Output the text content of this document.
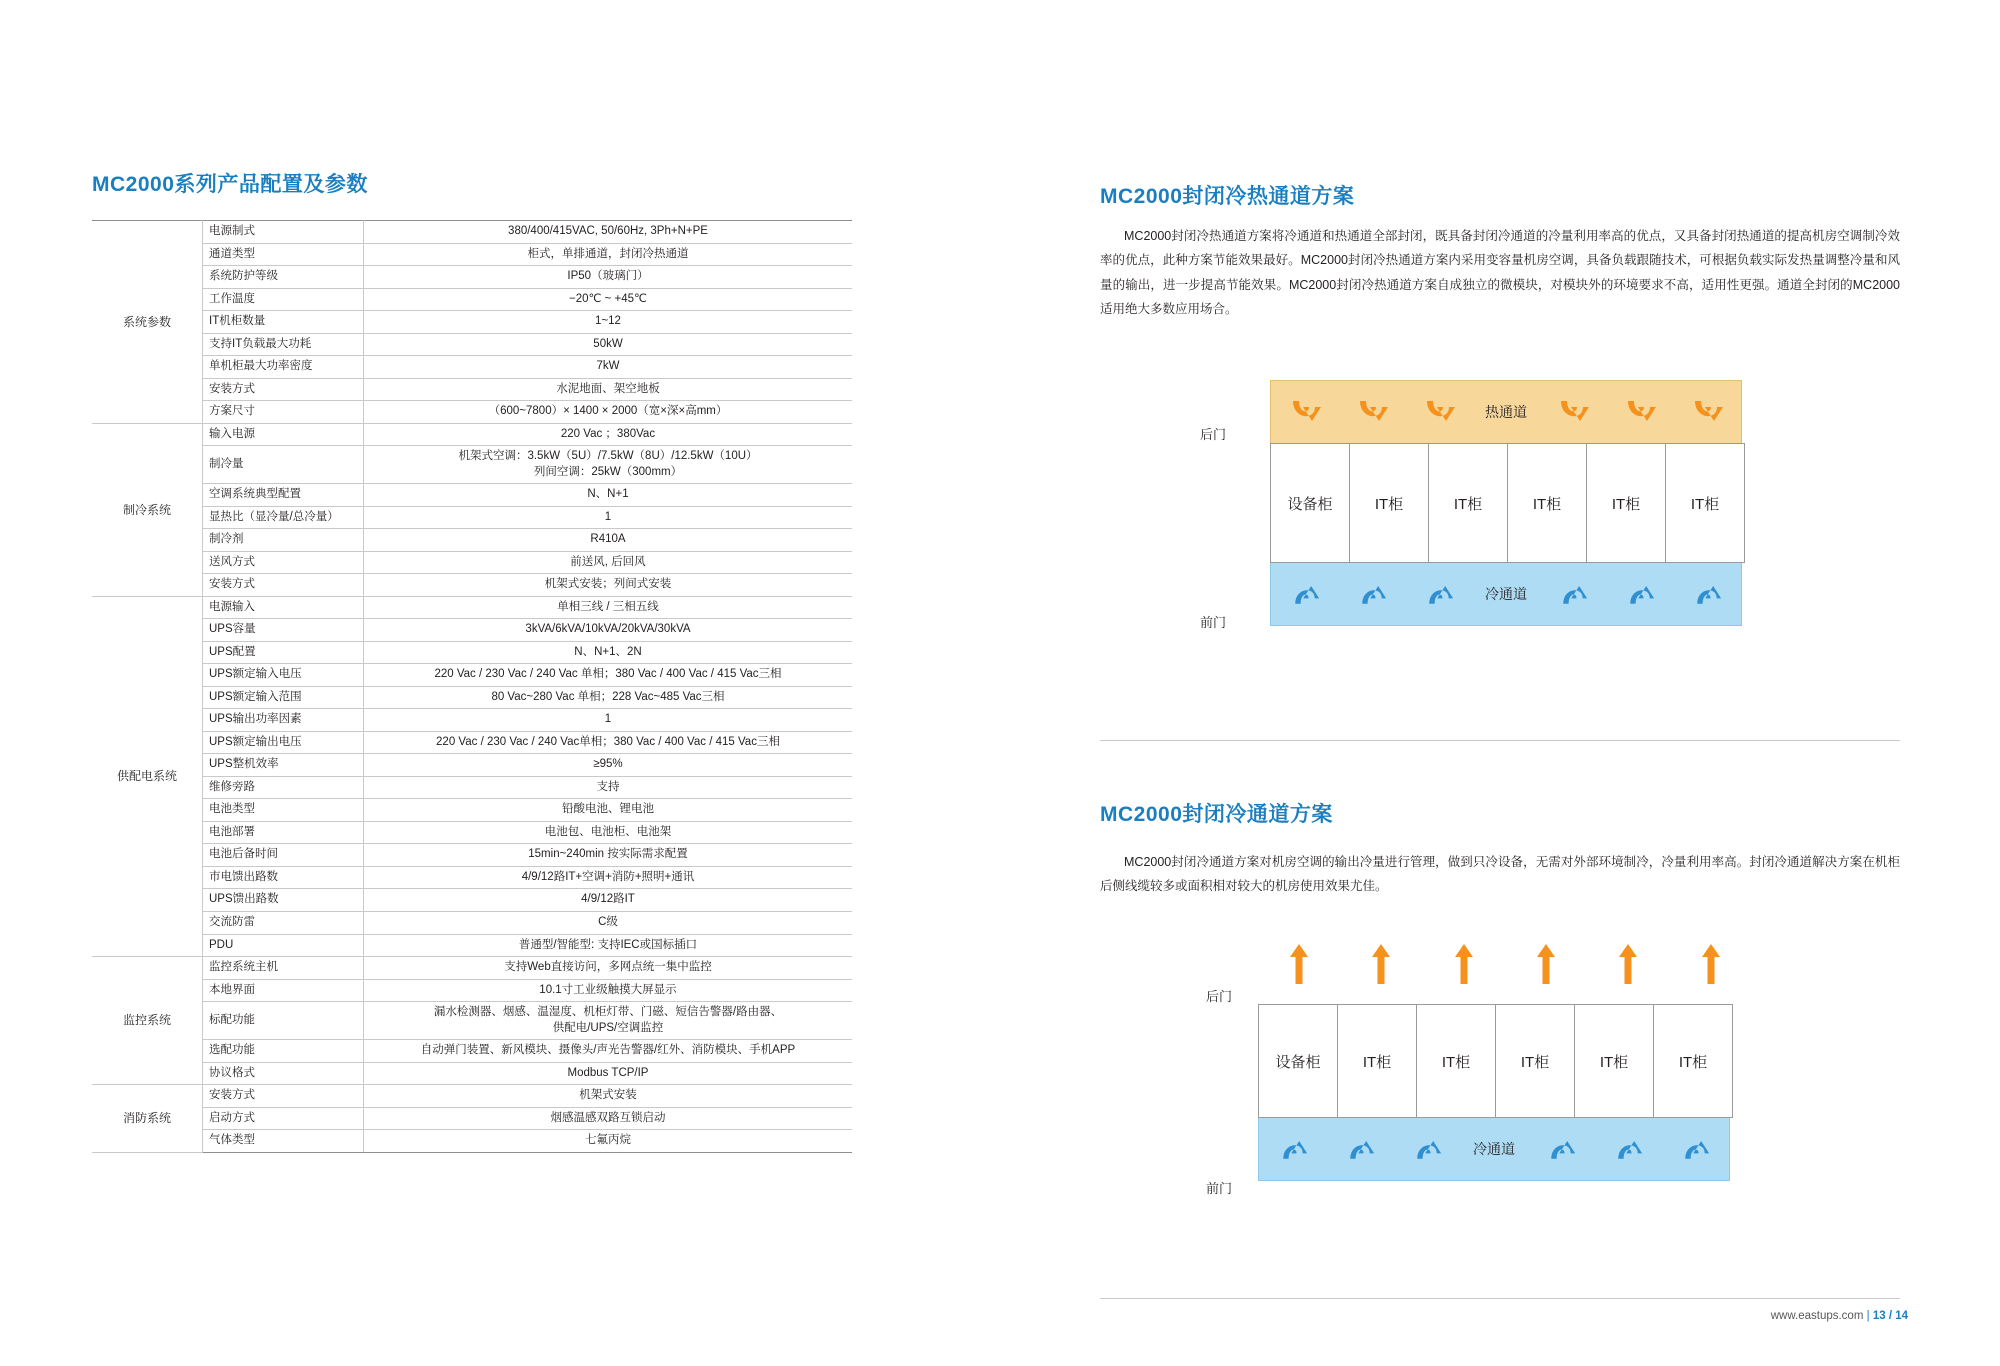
MC2000系列产品配置及参数
系统参数	电源制式	380/400/415VAC, 50/60Hz, 3Ph+N+PE
	通道类型	柜式，单排通道，封闭冷热通道
	系统防护等级	IP50（玻璃门）
	工作温度	−20℃ ~ +45℃
	IT机柜数量	1~12
	支持IT负载最大功耗	50kW
	单机柜最大功率密度	7kW
	安装方式	水泥地面、架空地板
	方案尺寸	（600~7800）× 1400 × 2000（宽×深×高mm）
制冷系统	输入电源	220 Vac ；380Vac
	制冷量	机架式空调：3.5kW（5U）/7.5kW（8U）/12.5kW（10U）
列间空调：25kW（300mm）

	空调系统典型配置	N、N+1
	显热比（显冷量/总冷量）	1
	制冷剂	R410A
	送风方式	前送风, 后回风
	安装方式	机架式安装；列间式安装
供配电系统	电源输入	单相三线 / 三相五线
	UPS容量	3kVA/6kVA/10kVA/20kVA/30kVA
	UPS配置	N、N+1、2N
	UPS额定输入电压	220 Vac / 230 Vac / 240 Vac 单相；380 Vac / 400 Vac / 415 Vac三相
	UPS额定输入范围	80 Vac~280 Vac 单相；228 Vac~485 Vac三相
	UPS输出功率因素	1
	UPS额定输出电压	220 Vac / 230 Vac / 240 Vac单相；380 Vac / 400 Vac / 415 Vac三相
	UPS整机效率	≥95%
	维修旁路	支持
	电池类型	铅酸电池、锂电池
	电池部署	电池包、电池柜、电池架
	电池后备时间	15min~240min 按实际需求配置
	市电馈出路数	4/9/12路IT+空调+消防+照明+通讯
	UPS馈出路数	4/9/12路IT
	交流防雷	C级
	PDU	普通型/智能型: 支持IEC或国标插口
监控系统	监控系统主机	支持Web直接访问，多网点统一集中监控
	本地界面	10.1寸工业级触摸大屏显示
	标配功能	漏水检测器、烟感、温湿度、机柜灯带、门磁、短信告警器/路由器、
供配电/UPS/空调监控

	选配功能	自动弹门装置、新风模块、摄像头/声光告警器/红外、消防模块、手机APP
	协议格式	Modbus TCP/IP
消防系统	安装方式	机架式安装
	启动方式	烟感温感双路互锁启动
	气体类型	七氟丙烷
MC2000封闭冷热通道方案

MC2000封闭冷热通道方案将冷通道和热通道全部封闭，既具备封闭冷通道的冷量利用率高的优点，又具备封闭热通道的提高机房空调制冷效率的优点，此种方案节能效果最好。MC2000封闭冷热通道方案内采用变容量机房空调，具备负载跟随技术，可根据负载实际发热量调整冷量和风量的输出，进一步提高节能效果。MC2000封闭冷热通道方案自成独立的微模块，对模块外的环境要求不高，适用性更强。通道全封闭的MC2000适用绝大多数应用场合。

后门
前门
热通道
设备柜	IT柜	IT柜	IT柜	IT柜	IT柜
冷通道
MC2000封闭冷通道方案

MC2000封闭冷通道方案对机房空调的输出冷量进行管理，做到只冷设备，无需对外部环境制冷，冷量利用率高。封闭冷通道解决方案在机柜后侧线缆较多或面积相对较大的机房使用效果尤佳。

后门
前门
设备柜	IT柜	IT柜	IT柜	IT柜	IT柜
冷通道
www.eastups.com | 13 / 14
